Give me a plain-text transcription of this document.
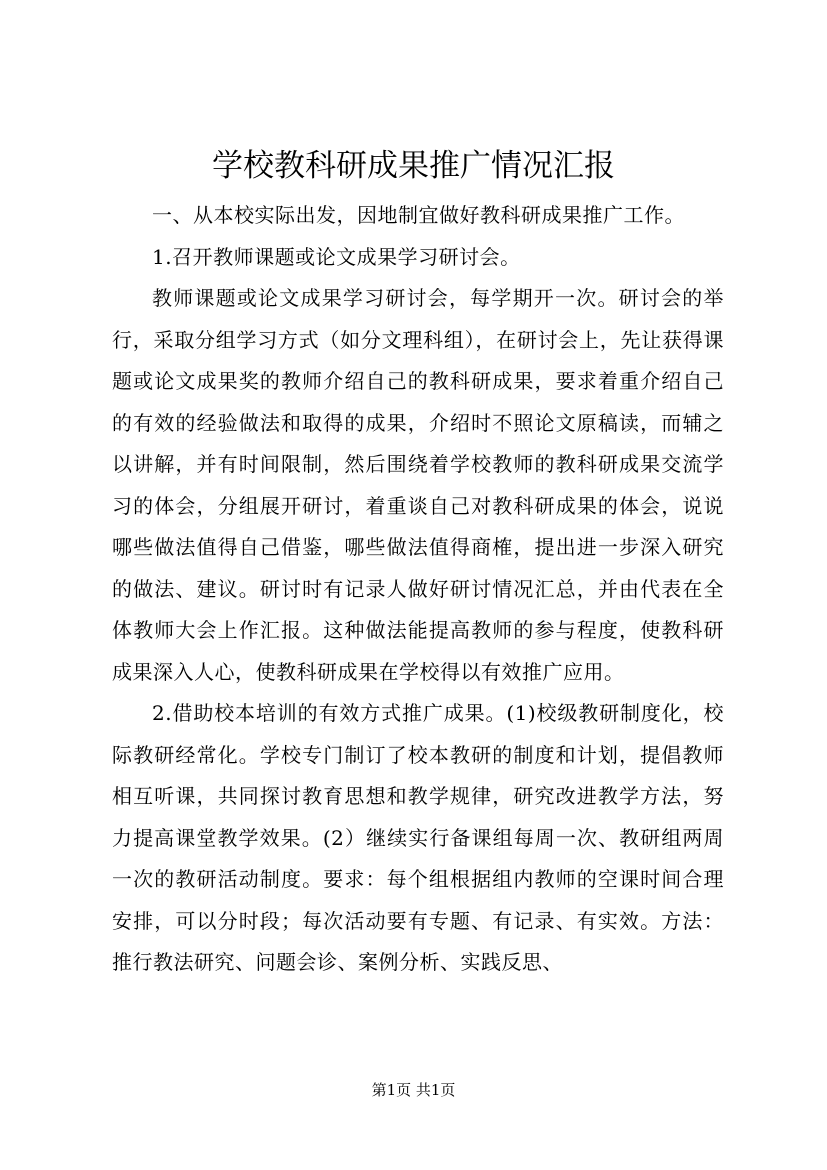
学校教科研成果推广情况汇报

一、从本校实际出发，因地制宜做好教科研成果推广工作。

1.召开教师课题或论文成果学习研讨会。

教师课题或论文成果学习研讨会，每学期开一次。研讨会的举行，采取分组学习方式（如分文理科组），在研讨会上，先让获得课题或论文成果奖的教师介绍自己的教科研成果，要求着重介绍自己的有效的经验做法和取得的成果，介绍时不照论文原稿读，而辅之以讲解，并有时间限制，然后围绕着学校教师的教科研成果交流学习的体会，分组展开研讨，着重谈自己对教科研成果的体会，说说哪些做法值得自己借鉴，哪些做法值得商榷，提出进一步深入研究的做法、建议。研讨时有记录人做好研讨情况汇总，并由代表在全体教师大会上作汇报。这种做法能提高教师的参与程度，使教科研成果深入人心，使教科研成果在学校得以有效推广应用。

2.借助校本培训的有效方式推广成果。(1)校级教研制度化，校际教研经常化。学校专门制订了校本教研的制度和计划，提倡教师相互听课，共同探讨教育思想和教学规律，研究改进教学方法，努力提高课堂教学效果。(2）继续实行备课组每周一次、教研组两周一次的教研活动制度。要求：每个组根据组内教师的空课时间合理安排，可以分时段；每次活动要有专题、有记录、有实效。方法：推行教法研究、问题会诊、案例分析、实践反思、

第1页 共1页
